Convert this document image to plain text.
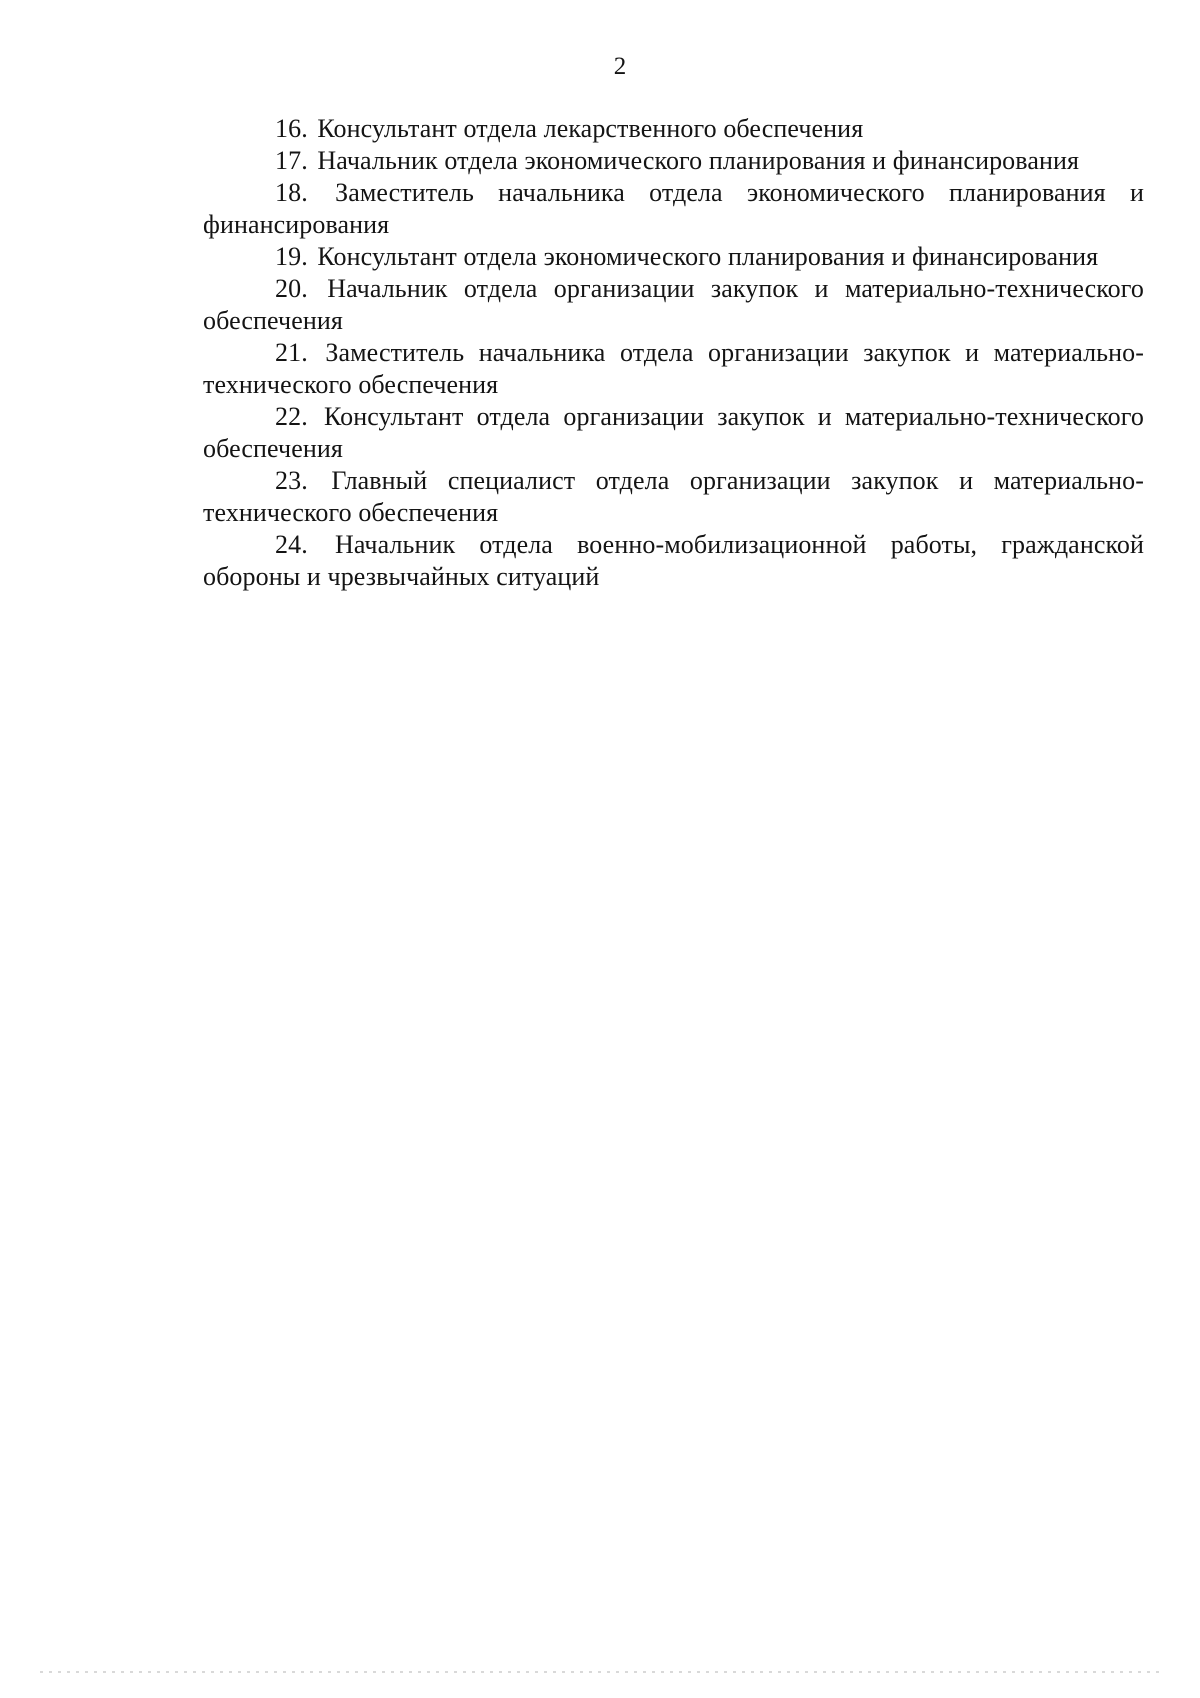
2

16. Консультант отдела лекарственного обеспечения

17. Начальник отдела экономического планирования и финансирования

18. Заместитель начальника отдела экономического планирования и финансирования

19. Консультант отдела экономического планирования и финансирования

20. Начальник отдела организации закупок и материально-технического обеспечения

21. Заместитель начальника отдела организации закупок и материально-технического обеспечения

22. Консультант отдела организации закупок и материально-технического обеспечения

23. Главный специалист отдела организации закупок и материально-технического обеспечения

24. Начальник отдела военно-мобилизационной работы, гражданской обороны и чрезвычайных ситуаций
